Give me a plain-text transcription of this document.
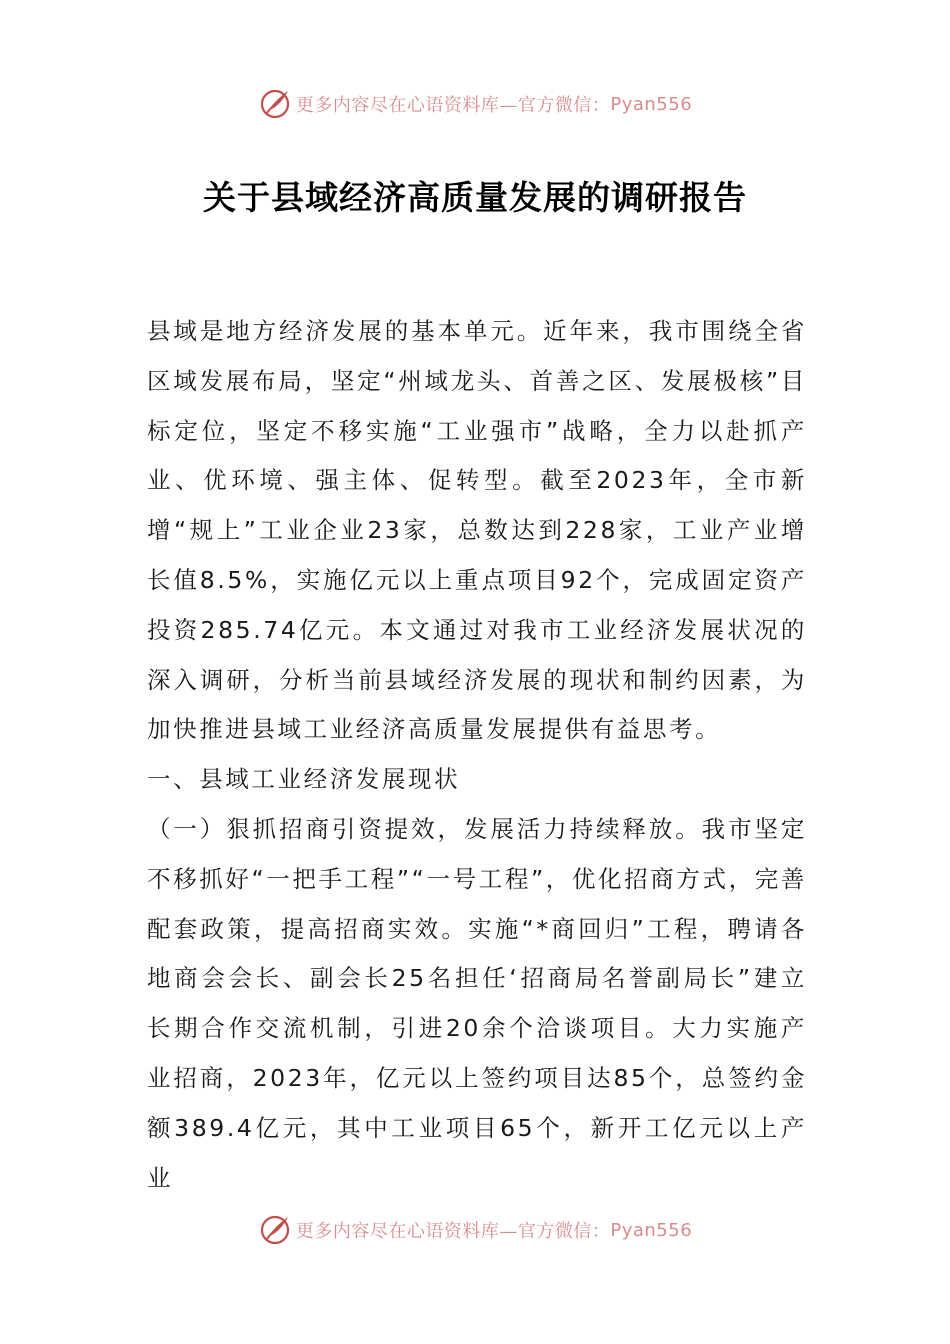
更多内容尽在心语资料库—官方微信： Pyan556
关于县域经济高质量发展的调研报告

县域是地方经济发展的基本单元。近年来，我市围绕全省区域发展布局，坚定“州域龙头、首善之区、发展极核”目标定位，坚定不移实施“工业强市”战略，全力以赴抓产业、优环境、强主体、促转型。截至2023年，全市新增“规上”工业企业23家，总数达到228家，工业产业增长值8.5%，实施亿元以上重点项目92个，完成固定资产投资285.74亿元。本文通过对我市工业经济发展状况的深入调研，分析当前县域经济发展的现状和制约因素，为加快推进县域工业经济高质量发展提供有益思考。

一、县域工业经济发展现状

（一）狠抓招商引资提效，发展活力持续释放。我市坚定不移抓好“一把手工程”“一号工程”，优化招商方式，完善配套政策，提高招商实效。实施“*商回归”工程，聘请各地商会会长、副会长25名担任‘招商局名誉副局长”建立长期合作交流机制，引进20余个洽谈项目。大力实施产业招商，2023年，亿元以上签约项目达85个，总签约金额389.4亿元，其中工业项目65个，新开工亿元以上产业

更多内容尽在心语资料库—官方微信： Pyan556
